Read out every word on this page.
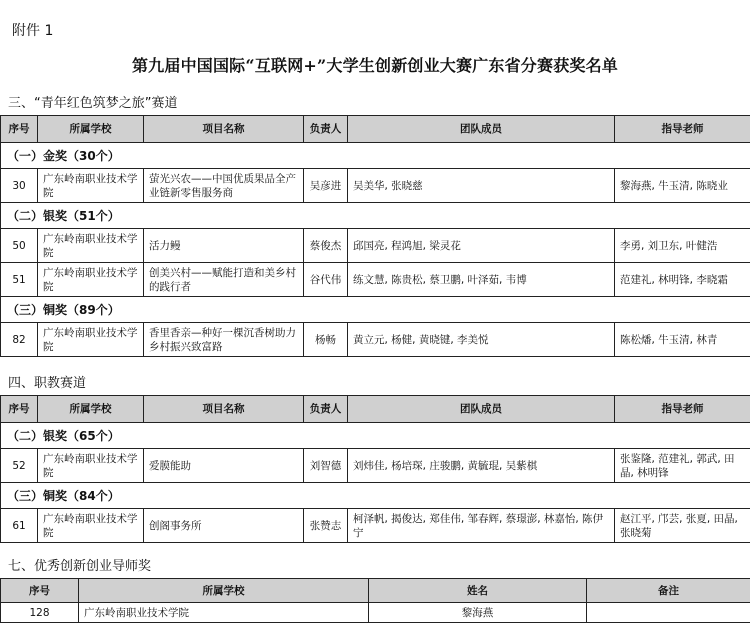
附件 1
第九届中国国际“互联网+”大学生创新创业大赛广东省分赛获奖名单
三、“青年红色筑梦之旅”赛道
序号	所属学校	项目名称	负责人	团队成员	指导老师
（一）金奖（30个）					
30	广东岭南职业技术学院	萤光兴农——中国优质果品全产业链新零售服务商	吴彦进	吴美华, 张晓慈	黎海燕, 牛玉清, 陈晓业
（二）银奖（51个）					
50	广东岭南职业技术学院	活力鳗	蔡俊杰	邱国亮, 程鸿旭, 梁灵花	李勇, 刘卫东, 叶健浩
51	广东岭南职业技术学院	创美兴村——赋能打造和美乡村的践行者	谷代伟	练文慧, 陈贵松, 蔡卫鹏, 叶泽茹, 韦博	范建礼, 林明锋, 李晓霜
（三）铜奖（89个）					
82	广东岭南职业技术学院	香里香亲—种好一棵沉香树助力乡村振兴致富路	杨畅	黄立元, 杨健, 黄晓键, 李美悦	陈松燔, 牛玉清, 林青
四、职教赛道
序号	所属学校	项目名称	负责人	团队成员	指导老师
（二）银奖（65个）					
52	广东岭南职业技术学院	爱膜能助	刘智德	刘炜佳, 杨培琛, 庄骏鹏, 黄毓琨, 吴紫棋	张鉴隆, 范建礼, 郭武, 田晶, 林明锋
（三）铜奖（84个）					
61	广东岭南职业技术学院	创阁事务所	张赞志	柯泽帆, 揭俊达, 郑佳伟, 邹春辉, 蔡璟澎, 林嘉怡, 陈伊宁	赵江平, 邝芸, 张夏, 田晶, 张晓菊
七、优秀创新创业导师奖
序号	所属学校	姓名	备注
128	广东岭南职业技术学院	黎海燕	
